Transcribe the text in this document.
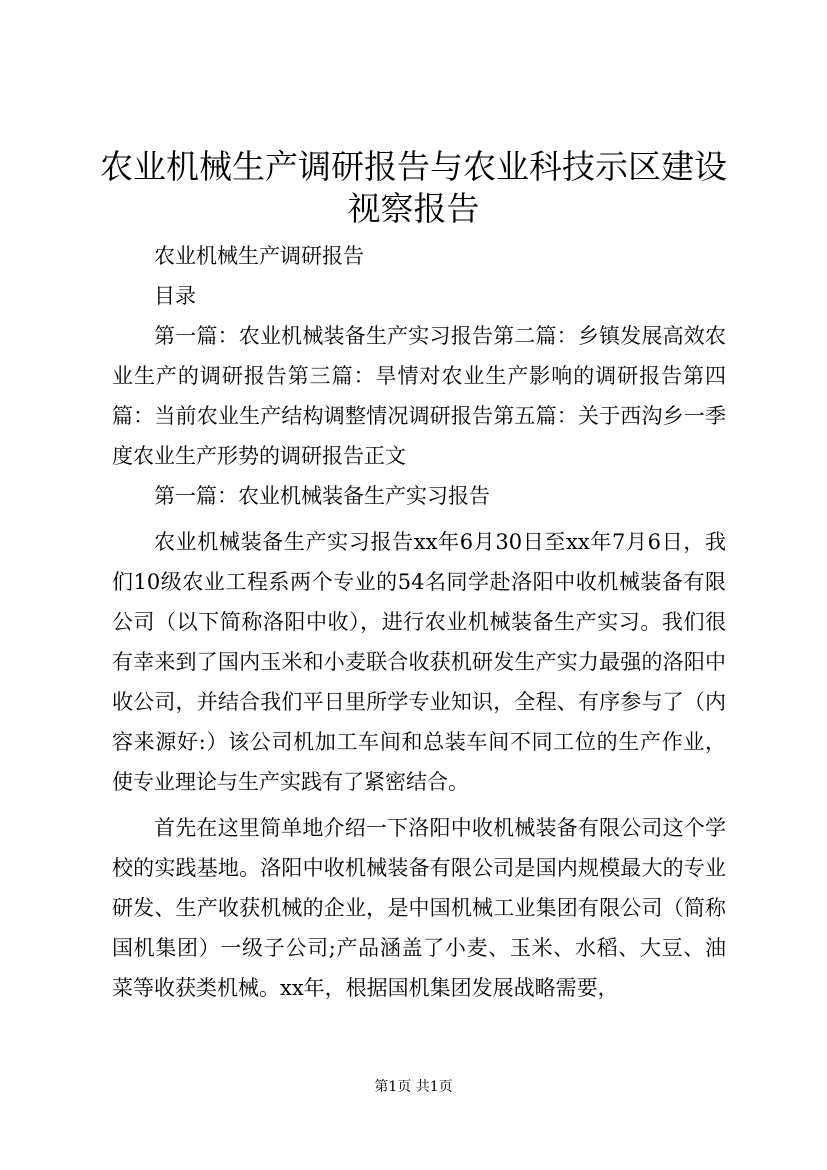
农业机械生产调研报告与农业科技示区建设视察报告

农业机械生产调研报告

目录

第一篇：农业机械装备生产实习报告第二篇：乡镇发展高效农业生产的调研报告第三篇：旱情对农业生产影响的调研报告第四篇：当前农业生产结构调整情况调研报告第五篇：关于西沟乡一季度农业生产形势的调研报告正文

第一篇：农业机械装备生产实习报告

农业机械装备生产实习报告xx年6月30日至xx年7月6日，我们10级农业工程系两个专业的54名同学赴洛阳中收机械装备有限公司（以下简称洛阳中收），进行农业机械装备生产实习。我们很有幸来到了国内玉米和小麦联合收获机研发生产实力最强的洛阳中收公司，并结合我们平日里所学专业知识，全程、有序参与了（内容来源好:）该公司机加工车间和总装车间不同工位的生产作业，使专业理论与生产实践有了紧密结合。

首先在这里简单地介绍一下洛阳中收机械装备有限公司这个学校的实践基地。洛阳中收机械装备有限公司是国内规模最大的专业研发、生产收获机械的企业，是中国机械工业集团有限公司（简称国机集团）一级子公司;产品涵盖了小麦、玉米、水稻、大豆、油菜等收获类机械。xx年，根据国机集团发展战略需要，

第1页 共1页
